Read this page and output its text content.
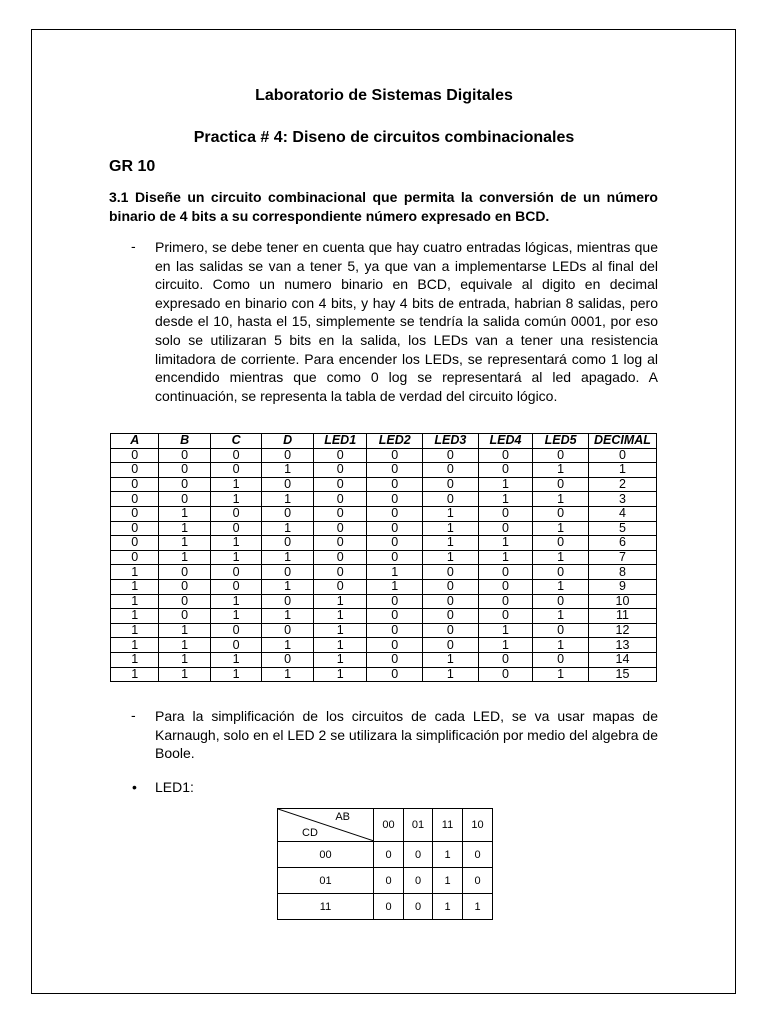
Laboratorio de Sistemas Digitales
Practica # 4: Diseno de circuitos combinacionales
GR 10
3.1 Diseñe un circuito combinacional que permita la conversión de un número binario de 4 bits a su correspondiente número expresado en BCD.
- Primero, se debe tener en cuenta que hay cuatro entradas lógicas, mientras que en las salidas se van a tener 5, ya que van a implementarse LEDs al final del circuito. Como un numero binario en BCD, equivale al digito en decimal expresado en binario con 4 bits, y hay 4 bits de entrada, habrian 8 salidas, pero desde el 10, hasta el 15, simplemente se tendría la salida común 0001, por eso solo se utilizaran 5 bits en la salida, los LEDs van a tener una resistencia limitadora de corriente. Para encender los LEDs, se representará como 1 log al encendido mientras que como 0 log se representará al led apagado. A continuación, se representa la tabla de verdad del circuito lógico.
A	B	C	D	LED1	LED2	LED3	LED4	LED5	DECIMAL
0	0	0	0	0	0	0	0	0	0
0	0	0	1	0	0	0	0	1	1
0	0	1	0	0	0	0	1	0	2
0	0	1	1	0	0	0	1	1	3
0	1	0	0	0	0	1	0	0	4
0	1	0	1	0	0	1	0	1	5
0	1	1	0	0	0	1	1	0	6
0	1	1	1	0	0	1	1	1	7
1	0	0	0	0	1	0	0	0	8
1	0	0	1	0	1	0	0	1	9
1	0	1	0	1	0	0	0	0	10
1	0	1	1	1	0	0	0	1	11
1	1	0	0	1	0	0	1	0	12
1	1	0	1	1	0	0	1	1	13
1	1	1	0	1	0	1	0	0	14
1	1	1	1	1	0	1	0	1	15
- Para la simplificación de los circuitos de cada LED, se va usar mapas de Karnaugh, solo en el LED 2 se utilizara la simplificación por medio del algebra de Boole.
• LED1:
AB
CD	00	01	11	10
00	0	0	1	0
01	0	0	1	0
11	0	0	1	1
